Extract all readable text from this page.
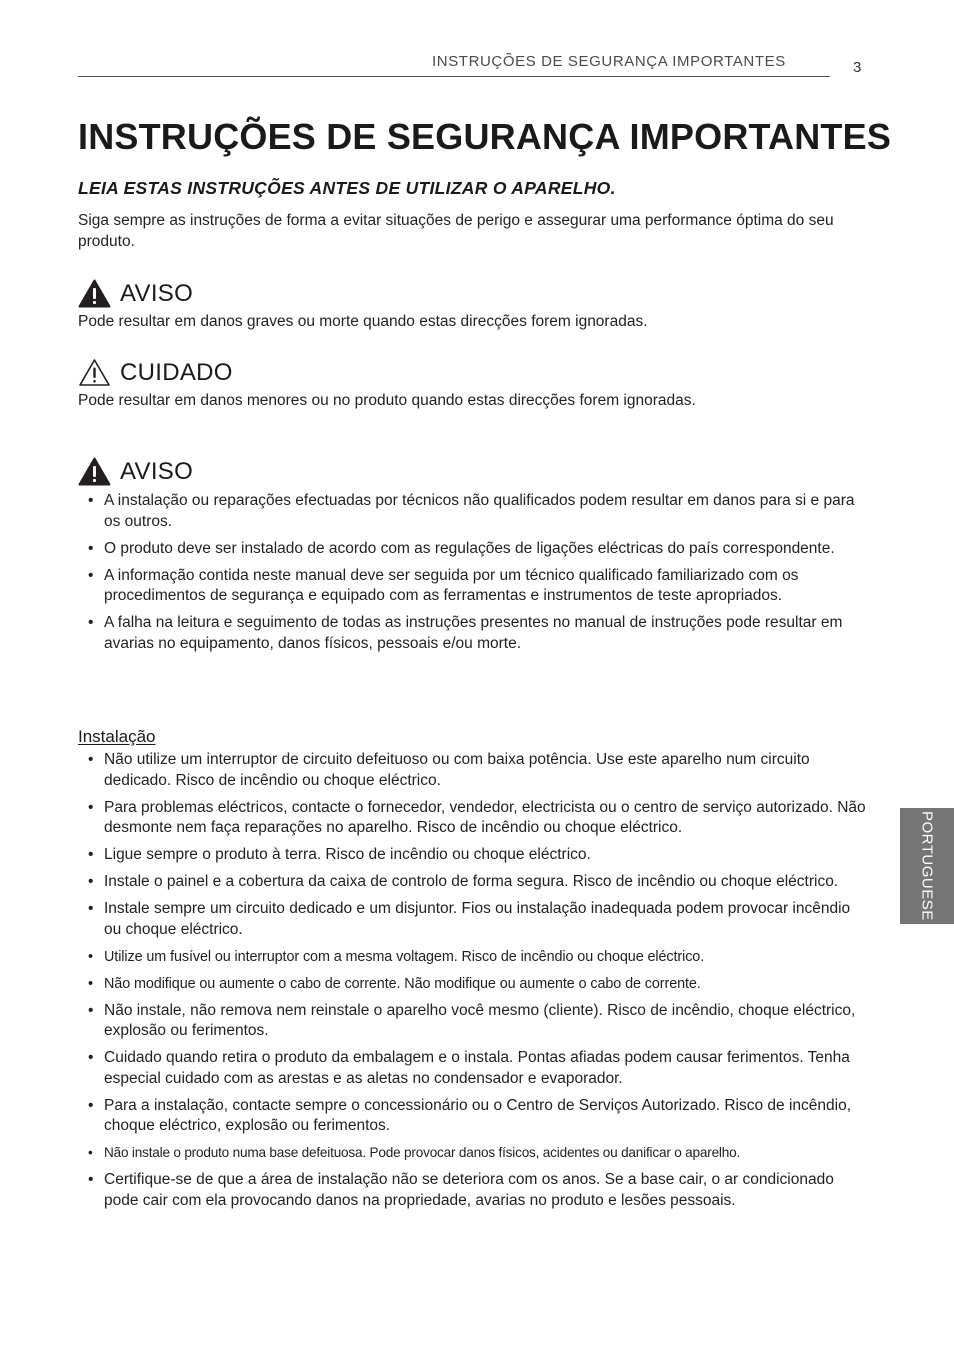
INSTRUÇÕES DE SEGURANÇA IMPORTANTES	3
INSTRUÇÕES DE SEGURANÇA IMPORTANTES
LEIA ESTAS INSTRUÇÕES ANTES DE UTILIZAR O APARELHO.

Siga sempre as instruções de forma a evitar situações de perigo e assegurar uma performance óptima do seu produto.

AVISO

Pode resultar em danos graves ou morte quando estas direcções forem ignoradas.

CUIDADO

Pode resultar em danos menores ou no produto quando estas direcções forem ignoradas.

AVISO
• A instalação ou reparações efectuadas por técnicos não qualificados podem resultar em danos para si e para os outros.
• O produto deve ser instalado de acordo com as regulações de ligações eléctricas do país correspondente.
• A informação contida neste manual deve ser seguida por um técnico qualificado familiarizado com os procedimentos de segurança e equipado com as ferramentas e instrumentos de teste apropriados.
• A falha na leitura e seguimento de todas as instruções presentes no manual de instruções pode resultar em avarias no equipamento, danos físicos, pessoais e/ou morte.
Instalação
• Não utilize um interruptor de circuito defeituoso ou com baixa potência. Use este aparelho num circuito dedicado. Risco de incêndio ou choque eléctrico.
• Para problemas eléctricos, contacte o fornecedor, vendedor, electricista ou o centro de serviço autorizado. Não desmonte nem faça reparações no aparelho. Risco de incêndio ou choque eléctrico.
• Ligue sempre o produto à terra. Risco de incêndio ou choque eléctrico.
• Instale o painel e a cobertura da caixa de controlo de forma segura. Risco de incêndio ou choque eléctrico.
• Instale sempre um circuito dedicado e um disjuntor. Fios ou instalação inadequada podem provocar incêndio ou choque eléctrico.
• Utilize um fusível ou interruptor com a mesma voltagem. Risco de incêndio ou choque eléctrico.
• Não modifique ou aumente o cabo de corrente. Não modifique ou aumente o cabo de corrente.
• Não instale, não remova nem reinstale o aparelho você mesmo (cliente). Risco de incêndio, choque eléctrico, explosão ou ferimentos.
• Cuidado quando retira o produto da embalagem e o instala. Pontas afiadas podem causar ferimentos. Tenha especial cuidado com as arestas e as aletas no condensador e evaporador.
• Para a instalação, contacte sempre o concessionário ou o Centro de Serviços Autorizado. Risco de incêndio, choque eléctrico, explosão ou ferimentos.
• Não instale o produto numa base defeituosa. Pode provocar danos físicos, acidentes ou danificar o aparelho.
• Certifique-se de que a área de instalação não se deteriora com os anos. Se a base cair, o ar condicionado pode cair com ela provocando danos na propriedade, avarias no produto e lesões pessoais.
PORTUGUESE
